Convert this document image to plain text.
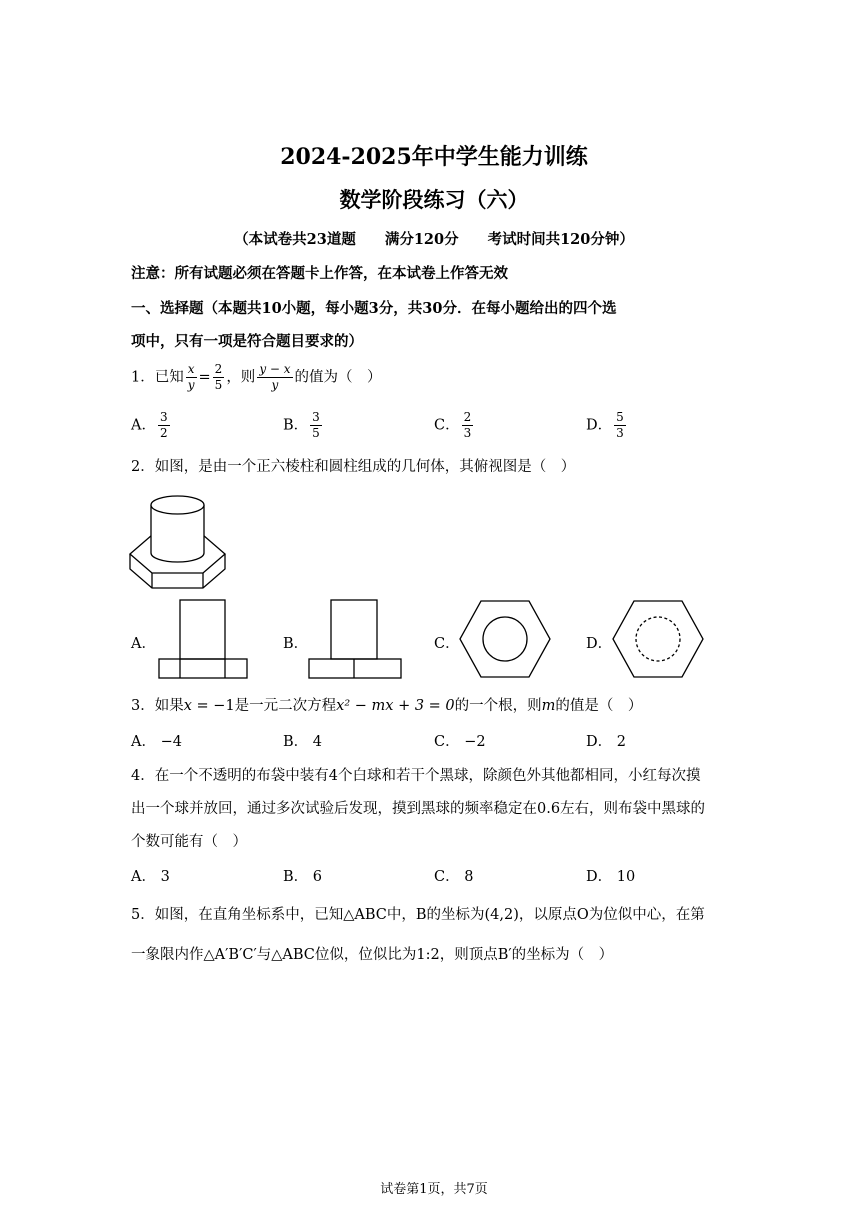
2024-2025年中学生能力训练
数学阶段练习（六）
（本试卷共23道题　　满分120分　　考试时间共120分钟）
注意：所有试题必须在答题卡上作答，在本试卷上作答无效
一、选择题（本题共10小题，每小题3分，共30分．在每小题给出的四个选
项中，只有一项是符合题目要求的）
1．已知 $\frac{x}{y} = \frac{2}{5}$ ，则 $\frac{y - x}{y}$ 的值为（　）
A． $\frac{3}{2}$	B． $\frac{3}{5}$	C． $\frac{2}{3}$	D． $\frac{5}{3}$
2．如图，是由一个正六棱柱和圆柱组成的几何体，其俯视图是（　）
A．	B．	C．	D．
3．如果x = −1是一元二次方程x² − mx + 3 = 0的一个根，则m的值是（　）
A． −4	B． 4	C． −2	D． 2
4．在一个不透明的布袋中装有4个白球和若干个黑球，除颜色外其他都相同，小红每次摸
出一个球并放回，通过多次试验后发现，摸到黑球的频率稳定在0.6左右，则布袋中黑球的
个数可能有（　）
A． 3	B． 6	C． 8	D． 10
5．如图，在直角坐标系中，已知△ABC中，B的坐标为(4,2)，以原点O为位似中心，在第
一象限内作△A′B′C′与△ABC位似，位似比为1:2，则顶点B′的坐标为（　）
试卷第1页，共7页
